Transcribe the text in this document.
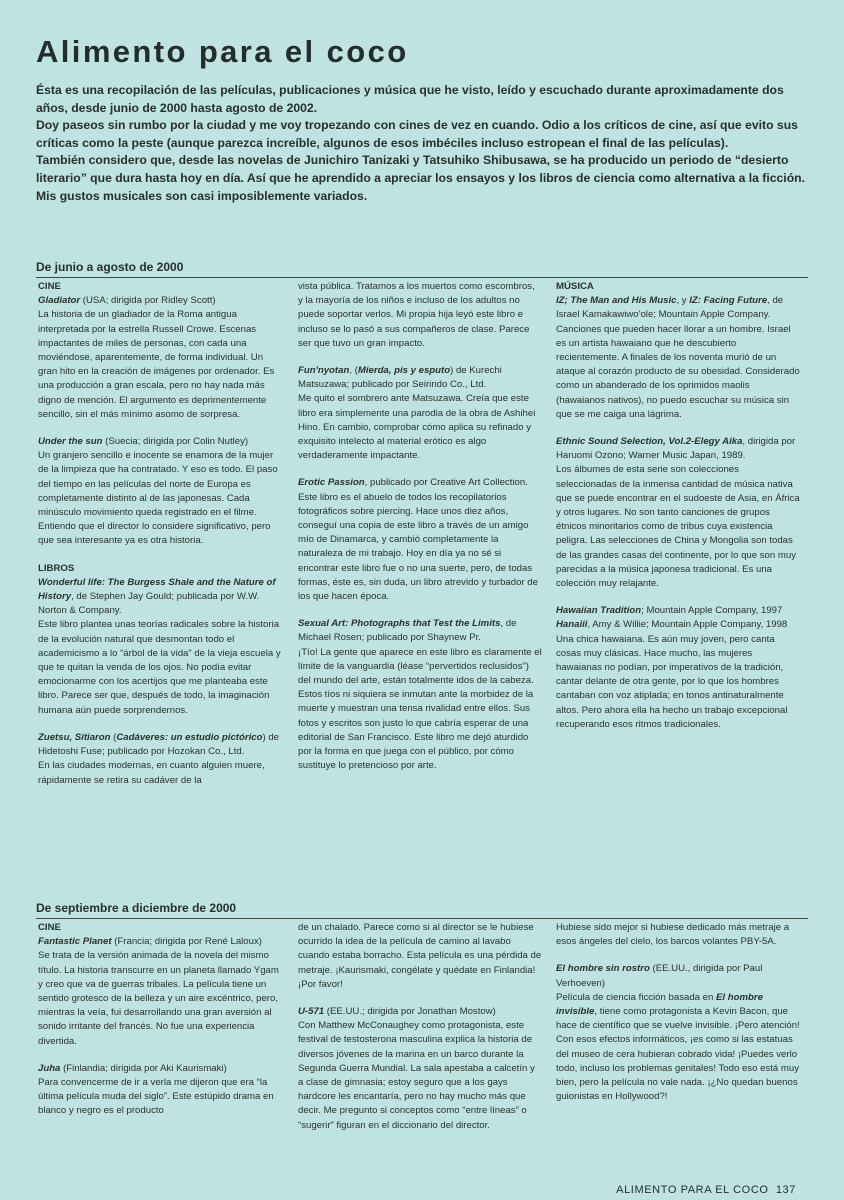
Alimento para el coco

Ésta es una recopilación de las películas, publicaciones y música que he visto, leído y escuchado durante aproximadamente dos años, desde junio de 2000 hasta agosto de 2002.

Doy paseos sin rumbo por la ciudad y me voy tropezando con cines de vez en cuando. Odio a los críticos de cine, así que evito sus críticas como la peste (aunque parezca increíble, algunos de esos imbéciles incluso estropean el final de las películas).

También considero que, desde las novelas de Junichiro Tanizaki y Tatsuhiko Shibusawa, se ha producido un periodo de “desierto literario” que dura hasta hoy en día. Así que he aprendido a apreciar los ensayos y los libros de ciencia como alternativa a la ficción. Mis gustos musicales son casi imposiblemente variados.

De junio a agosto de 2000

CINE

Gladiator (USA; dirigida por Ridley Scott)

La historia de un gladiador de la Roma antigua interpretada por la estrella Russell Crowe. Escenas impactantes de miles de personas, con cada una moviéndose, aparentemente, de forma individual. Un gran hito en la creación de imágenes por ordenador. Es una producción a gran escala, pero no hay nada más digno de mención. El argumento es deprimentemente sencillo, sin el más mínimo asomo de sorpresa.

Under the sun (Suecia; dirigida por Colin Nutley)

Un granjero sencillo e inocente se enamora de la mujer de la limpieza que ha contratado. Y eso es todo. El paso del tiempo en las películas del norte de Europa es completamente distinto al de las japonesas. Cada minúsculo movimiento queda registrado en el filme. Entiendo que el director lo considere significativo, pero que sea interesante ya es otra historia.

LIBROS

Wonderful life: The Burgess Shale and the Nature of History, de Stephen Jay Gould; publicada por W.W. Norton & Company.

Este libro plantea unas teorías radicales sobre la historia de la evolución natural que desmontan todo el academicismo a lo “árbol de la vida” de la vieja escuela y que te quitan la venda de los ojos. No podía evitar emocionarme con los acertijos que me planteaba este libro. Parece ser que, después de todo, la imaginación humana aún puede sorprendernos.

Zuetsu, Sitiaron (Cadáveres: un estudio pictórico) de Hidetoshi Fuse; publicado por Hozokan Co., Ltd.

En las ciudades modernas, en cuanto alguien muere, rápidamente se retira su cadáver de la

vista pública. Tratamos a los muertos como escombros, y la mayoría de los niños e incluso de los adultos no puede soportar verlos. Mi propia hija leyó este libro e incluso se lo pasó a sus compañeros de clase. Parece ser que tuvo un gran impacto.

Fun'nyotan, (Mierda, pis y esputo) de Kurechi Matsuzawa; publicado por Seirindo Co., Ltd.

Me quito el sombrero ante Matsuzawa. Creía que este libro era simplemente una parodia de la obra de Ashihei Hino. En cambio, comprobar cómo aplica su refinado y exquisito intelecto al material erótico es algo verdaderamente impactante.

Erotic Passion, publicado por Creative Art Collection.

Este libro es el abuelo de todos los recopilatorios fotográficos sobre piercing. Hace unos diez años, conseguí una copia de este libro a través de un amigo mío de Dinamarca, y cambió completamente la naturaleza de mi trabajo. Hoy en día ya no sé si encontrar este libro fue o no una suerte, pero, de todas formas, éste es, sin duda, un libro atrevido y turbador de los que hacen época.

Sexual Art: Photographs that Test the Limits, de Michael Rosen; publicado por Shaynew Pr.

¡Tío! La gente que aparece en este libro es claramente el límite de la vanguardia (léase “pervertidos reclusidos”) del mundo del arte, están totalmente idos de la cabeza. Estos tíos ni siquiera se inmutan ante la morbidez de la muerte y muestran una tensa rivalidad entre ellos. Sus fotos y escritos son justo lo que cabría esperar de una editorial de San Francisco. Este libro me dejó aturdido por la forma en que juega con el público, por cómo sustituye lo pretencioso por arte.

MÚSICA

IZ; The Man and His Music, y IZ: Facing Future, de Israel Kamakawiwo'ole; Mountain Apple Company.

Canciones que pueden hacer llorar a un hombre. Israel es un artista hawaiano que he descubierto recientemente. A finales de los noventa murió de un ataque al corazón producto de su obesidad. Considerado como un abanderado de los oprimidos maolis (hawaianos nativos), no puedo escuchar su música sin que se me caiga una lágrima.

Ethnic Sound Selection, Vol.2-Elegy Aika, dirigida por Haruomi Ozono; Warner Music Japan, 1989.

Los álbumes de esta serie son colecciones seleccionadas de la inmensa cantidad de música nativa que se puede encontrar en el sudoeste de Asia, en África y otros lugares. No son tanto canciones de grupos étnicos minoritarios como de tribus cuya existencia peligra. Las selecciones de China y Mongolia son todas de las grandes casas del continente, por lo que son muy parecidas a la música japonesa tradicional. Es una colección muy relajante.

Hawaiian Tradition; Mountain Apple Company, 1997

Hanaiii, Amy & Willie; Mountain Apple Company, 1998

Una chica hawaiana. Es aún muy joven, pero canta cosas muy clásicas. Hace mucho, las mujeres hawaianas no podían, por imperativos de la tradición, cantar delante de otra gente, por lo que los hombres cantaban con voz atiplada; en tonos antinaturalmente altos. Pero ahora ella ha hecho un trabajo excepcional recuperando esos ritmos tradicionales.

De septiembre a diciembre de 2000

CINE

Fantastic Planet (Francia; dirigida por René Laloux)

Se trata de la versión animada de la novela del mismo título. La historia transcurre en un planeta llamado Ygam y creo que va de guerras tribales. La película tiene un sentido grotesco de la belleza y un aire excéntrico, pero, mientras la veía, fui desarrollando una gran aversión al sonido irritante del francés. No fue una experiencia divertida.

Juha (Finlandia; dirigida por Aki Kaurismaki)

Para convencerme de ir a verla me dijeron que era “la última película muda del siglo”. Este estúpido drama en blanco y negro es el producto

de un chalado. Parece como si al director se le hubiese ocurrido la idea de la película de camino al lavabo cuando estaba borracho. Esta película es una pérdida de metraje. ¡Kaurismaki, congélate y quédate en Finlandia! ¡Por favor!

U-571 (EE.UU.; dirigida por Jonathan Mostow)

Con Matthew McConaughey como protagonista, este festival de testosterona masculina explica la historia de diversos jóvenes de la marina en un barco durante la Segunda Guerra Mundial. La sala apestaba a calcetín y a clase de gimnasia; estoy seguro que a los gays hardcore les encantaría, pero no hay mucho más que decir. Me pregunto si conceptos como “entre líneas” o “sugerir” figuran en el diccionario del director.

Hubiese sido mejor si hubiese dedicado más metraje a esos ángeles del cielo, los barcos volantes PBY-5A.

El hombre sin rostro (EE.UU., dirigida por Paul Verhoeven)

Película de ciencia ficción basada en El hombre invisible, tiene como protagonista a Kevin Bacon, que hace de científico que se vuelve invisible. ¡Pero atención! Con esos efectos informáticos, ¡es como si las estatuas del museo de cera hubieran cobrado vida! ¡Puedes verlo todo, incluso los problemas genitales! Todo eso está muy bien, pero la película no vale nada. ¡¿No quedan buenos guionistas en Hollywood?!

ALIMENTO PARA EL COCO 137
